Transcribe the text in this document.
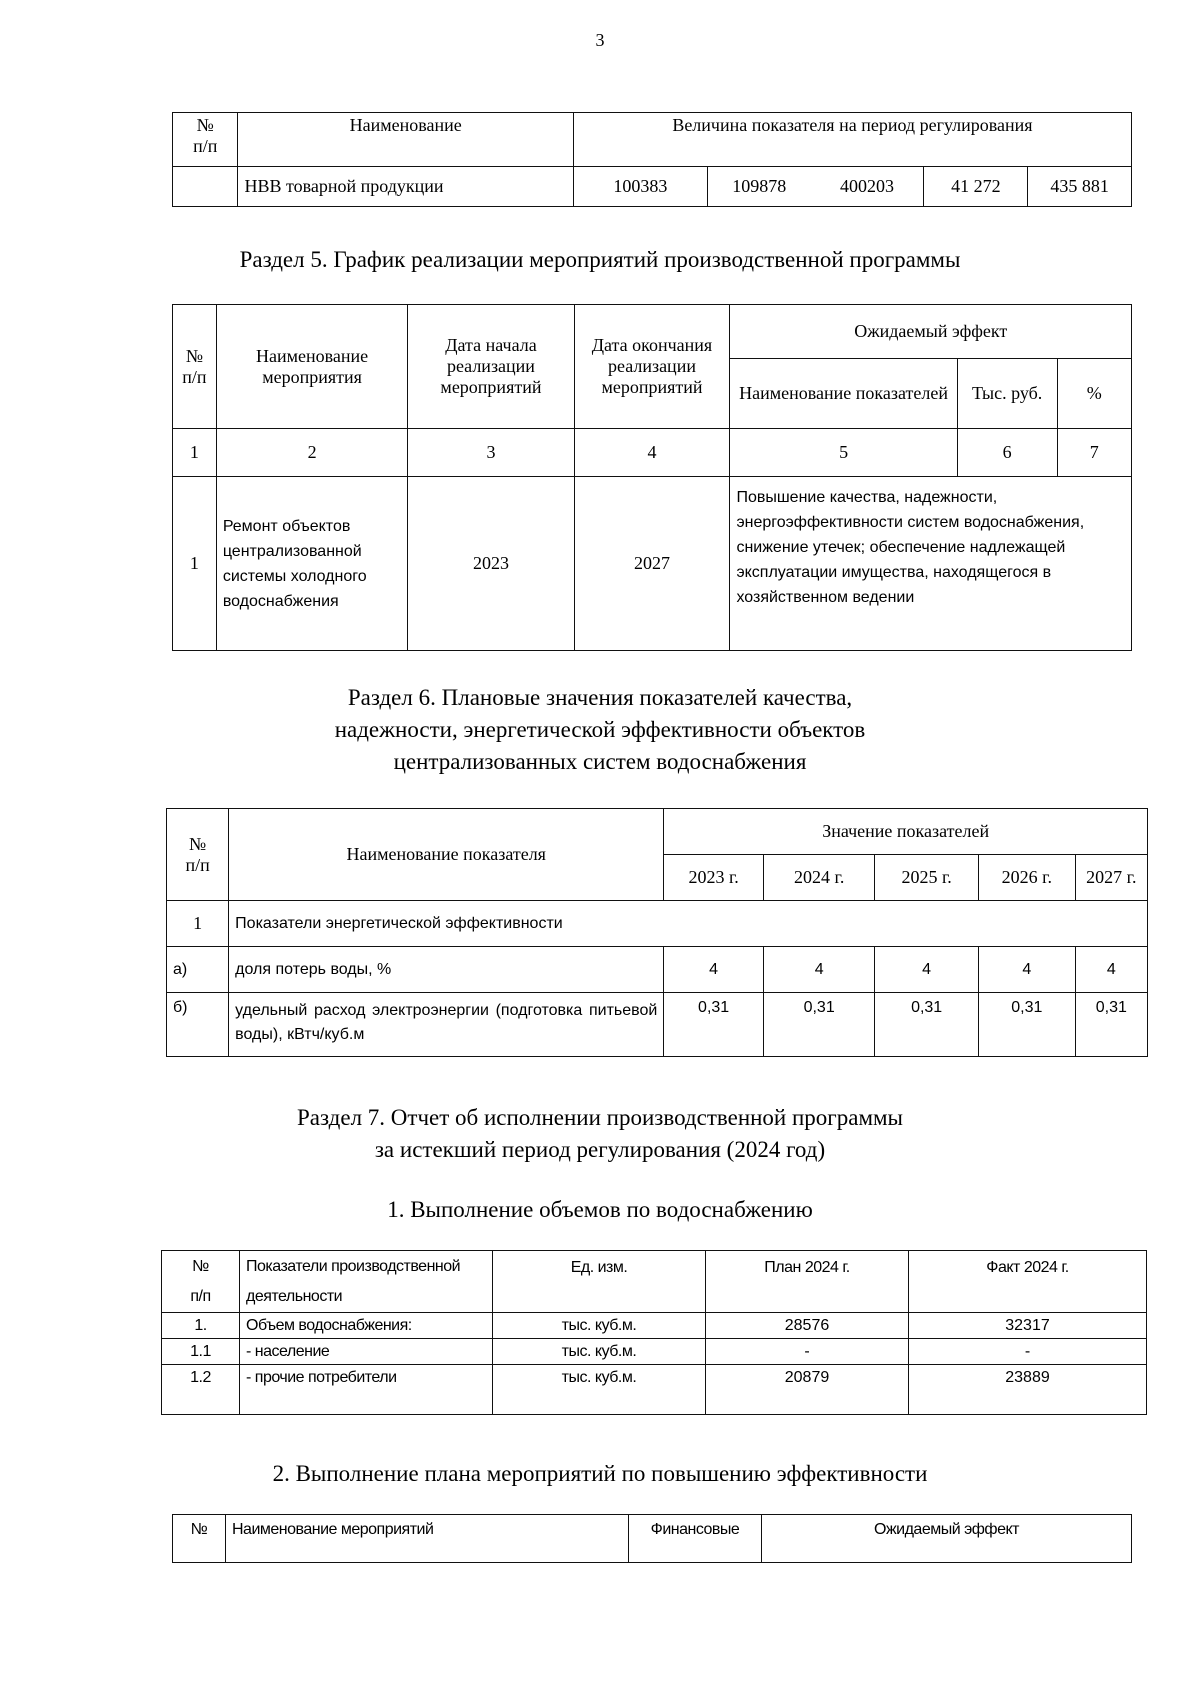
3
№
п/п	Наименование	Величина показателя на период регулирования				
	НВВ товарной продукции	100383	109878	400203	41 272	435 881
Раздел 5. График реализации мероприятий производственной программы
№
п/п	Наименование мероприятия	Дата начала реализации мероприятий	Дата окончания реализации мероприятий	Ожидаемый эффект		
				Наименование показателей	Тыс. руб.	%
1	2	3	4	5	6	7
1	Ремонт объектов централизованной системы холодного водоснабжения	2023	2027	Повышение качества, надежности, энергоэффективности систем водоснабжения, снижение утечек; обеспечение надлежащей эксплуатации имущества, находящегося в хозяйственном ведении		
Раздел 6. Плановые значения показателей качества,
надежности, энергетической эффективности объектов
централизованных систем водоснабжения
№
п/п	Наименование показателя	Значение показателей				
		2023 г.	2024 г.	2025 г.	2026 г.	2027 г.
1	Показатели энергетической эффективности					
а)	доля потерь воды, %	4	4	4	4	4
б)	удельный расход электроэнергии (подготовка питьевой воды), кВтч/куб.м	0,31	0,31	0,31	0,31	0,31
Раздел 7. Отчет об исполнении производственной программы
за истекший период регулирования (2024 год)
1. Выполнение объемов по водоснабжению
№	Показатели производственной	Ед. изм.	План 2024 г.	Факт 2024 г.
п/п	деятельности			
1.	Объем водоснабжения:	тыс. куб.м.	28576	32317
1.1	- население	тыс. куб.м.	-	-
1.2	- прочие потребители	тыс. куб.м.	20879	23889
2. Выполнение плана мероприятий по повышению эффективности
№	Наименование мероприятий	Финансовые	Ожидаемый эффект
